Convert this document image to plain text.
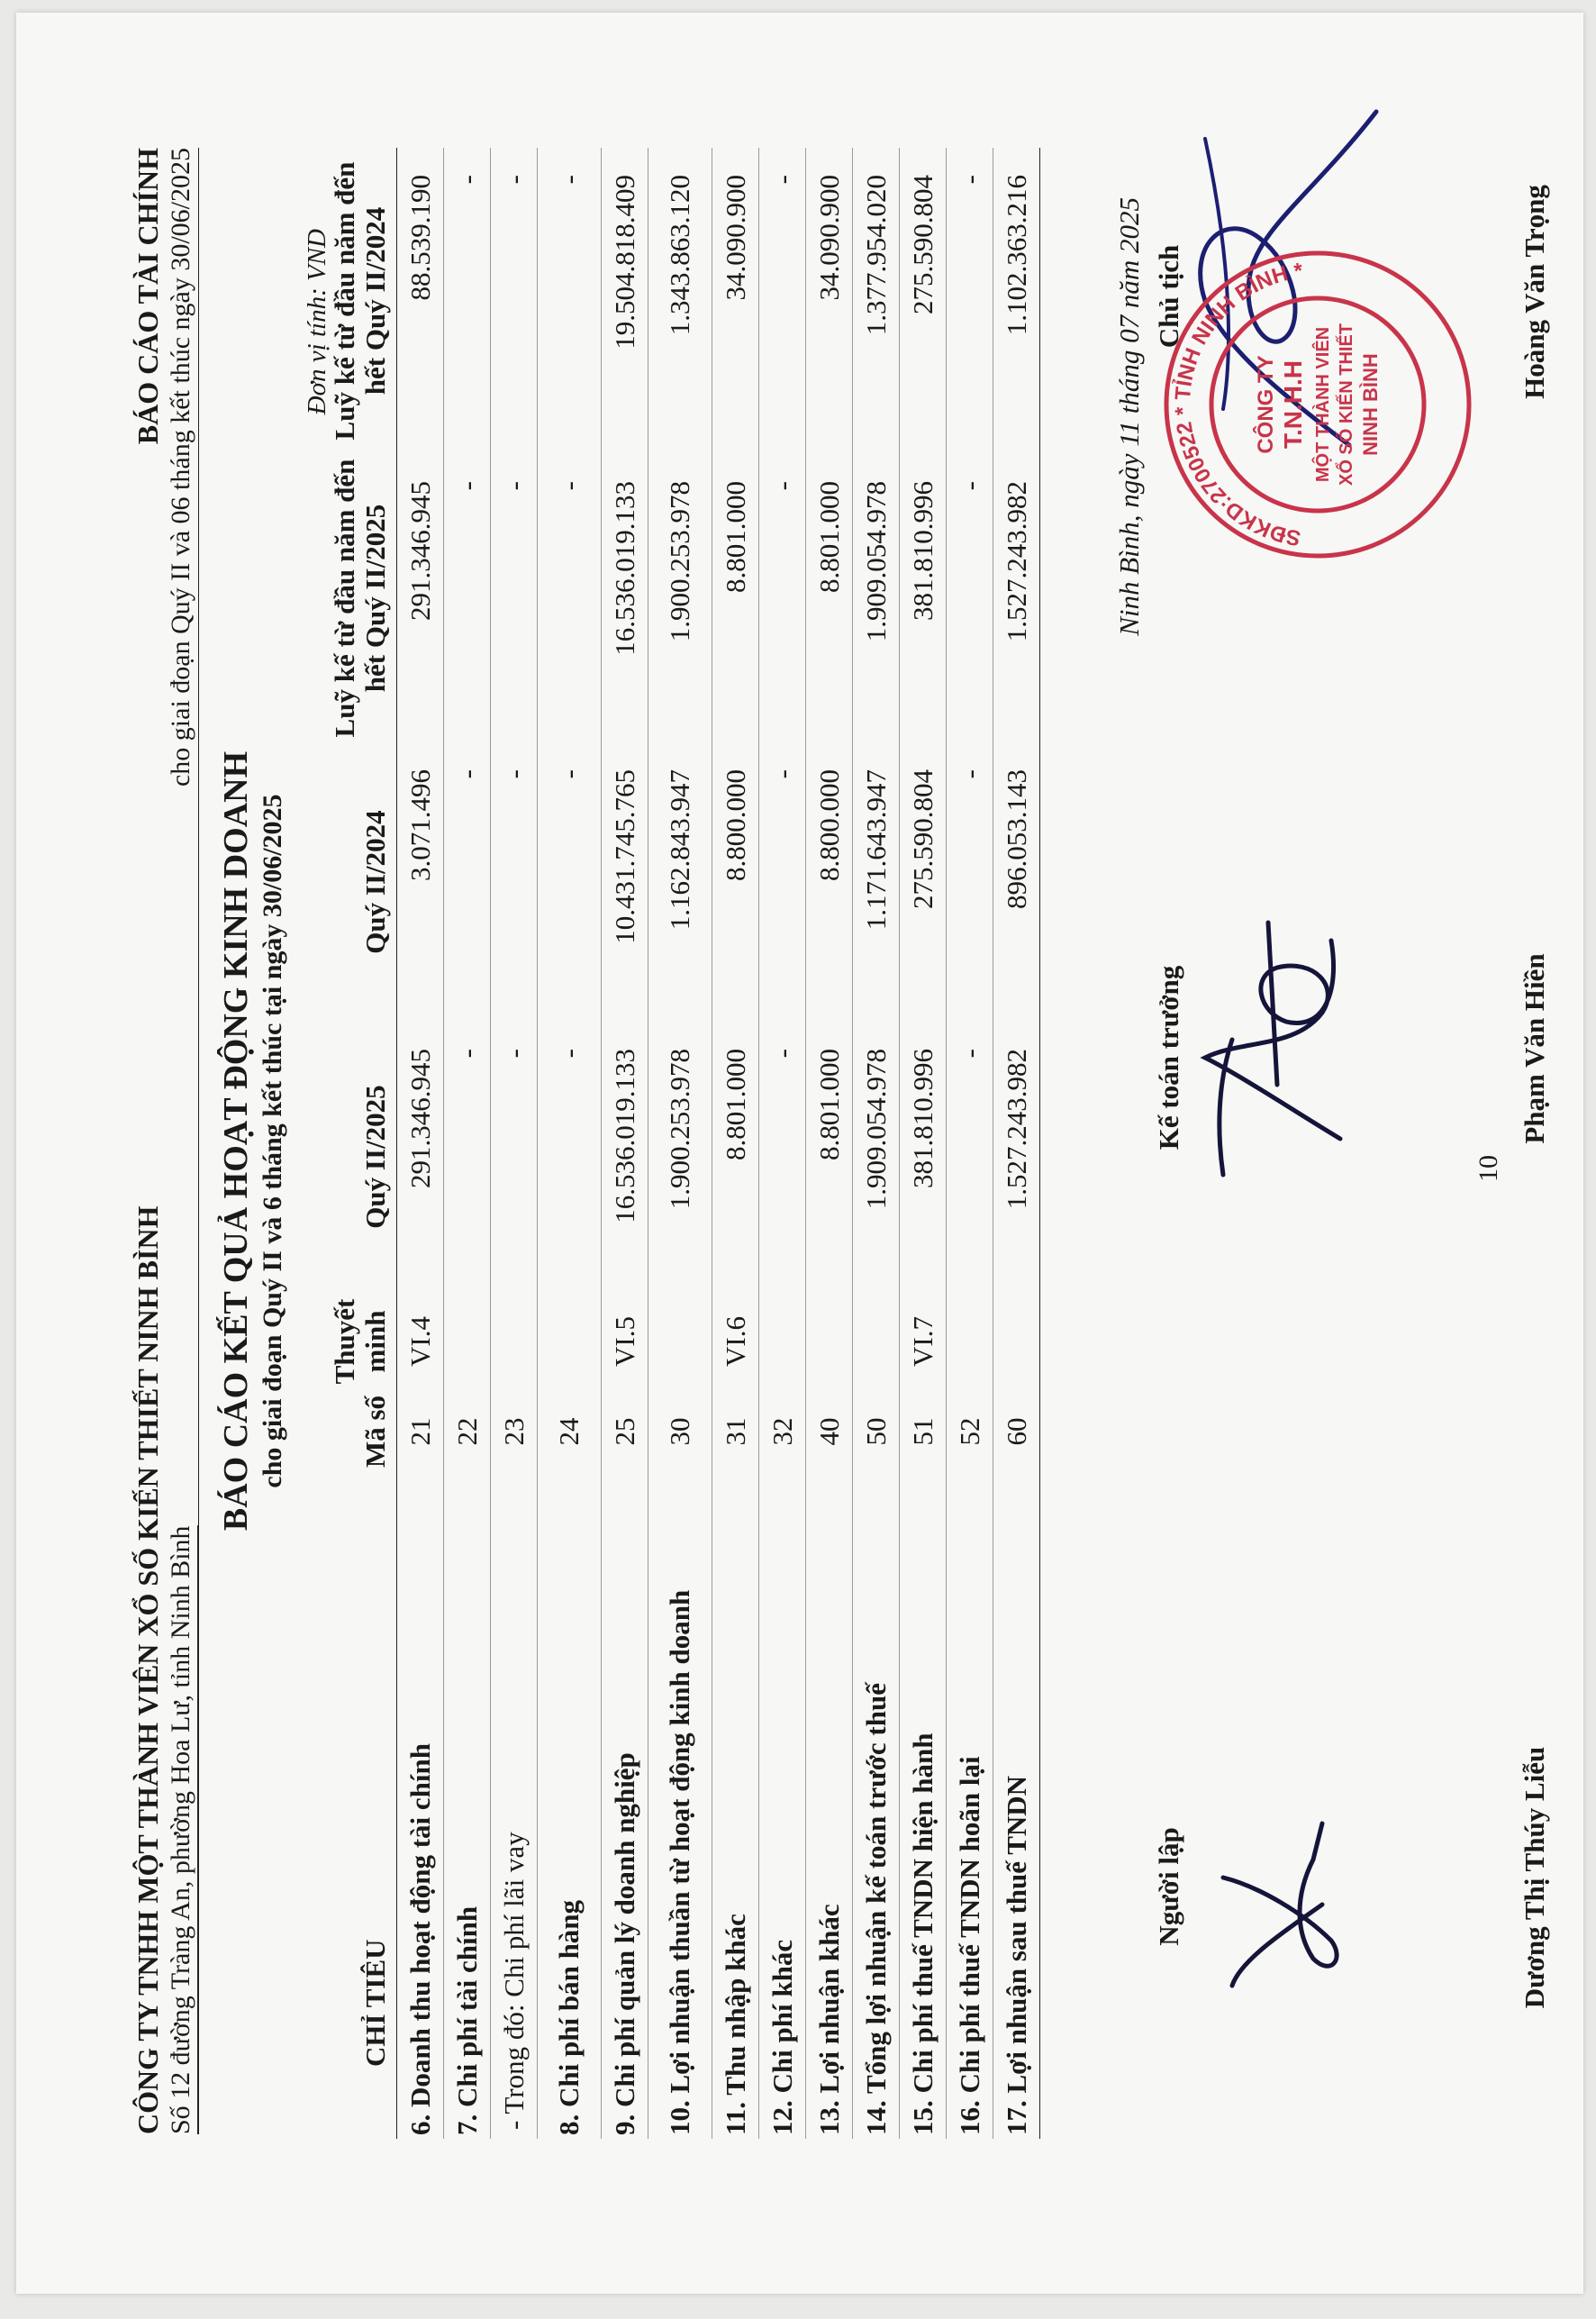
CÔNG TY TNHH MỘT THÀNH VIÊN XỔ SỐ KIẾN THIẾT NINH BÌNH Số 12 đường Tràng An, phường Hoa Lư, tỉnh Ninh Bình
BÁO CÁO TÀI CHÍNH cho giai đoạn Quý II và 06 tháng kết thúc ngày 30/06/2025
BÁO CÁO KẾT QUẢ HOẠT ĐỘNG KINH DOANH cho giai đoạn Quý II và 6 tháng kết thúc tại ngày 30/06/2025
Đơn vị tính: VND
CHỈ TIÊU	Mã số	Thuyết minh	Quý II/2025	Quý II/2024	Luỹ kế từ đầu năm đến hết Quý II/2025	Luỹ kế từ đầu năm đến hết Quý II/2024
6. Doanh thu hoạt động tài chính	21	VI.4	291.346.945	3.071.496	291.346.945	88.539.190
7. Chi phí tài chính	22		-	-	-	-
- Trong đó: Chi phí lãi vay	23		-	-	-	-
8. Chi phí bán hàng	24		-	-	-	-
9. Chi phí quản lý doanh nghiệp	25	VI.5	16.536.019.133	10.431.745.765	16.536.019.133	19.504.818.409
10. Lợi nhuận thuần từ hoạt động kinh doanh	30		1.900.253.978	1.162.843.947	1.900.253.978	1.343.863.120
11. Thu nhập khác	31	VI.6	8.801.000	8.800.000	8.801.000	34.090.900
12. Chi phí khác	32		-	-	-	-
13. Lợi nhuận khác	40		8.801.000	8.800.000	8.801.000	34.090.900
14. Tổng lợi nhuận kế toán trước thuế	50		1.909.054.978	1.171.643.947	1.909.054.978	1.377.954.020
15. Chi phí thuế TNDN hiện hành	51	VI.7	381.810.996	275.590.804	381.810.996	275.590.804
16. Chi phí thuế TNDN hoãn lại	52		-	-	-	-
17. Lợi nhuận sau thuế TNDN	60		1.527.243.982	896.053.143	1.527.243.982	1.102.363.216	Ninh Bình, ngày 11 tháng 07 năm 2025
Người lập
Kế toán trưởng
Chủ tịch
CÔNG TY T.N.H.H MỘT THÀNH VIÊN XỔ SỐ KIẾN THIẾT NINH BÌNH
SĐKKD:2700522 * TỈNH NINH BÌNH *
Dương Thị Thúy Liễu
Phạm Văn Hiền
Hoàng Văn Trọng
10
